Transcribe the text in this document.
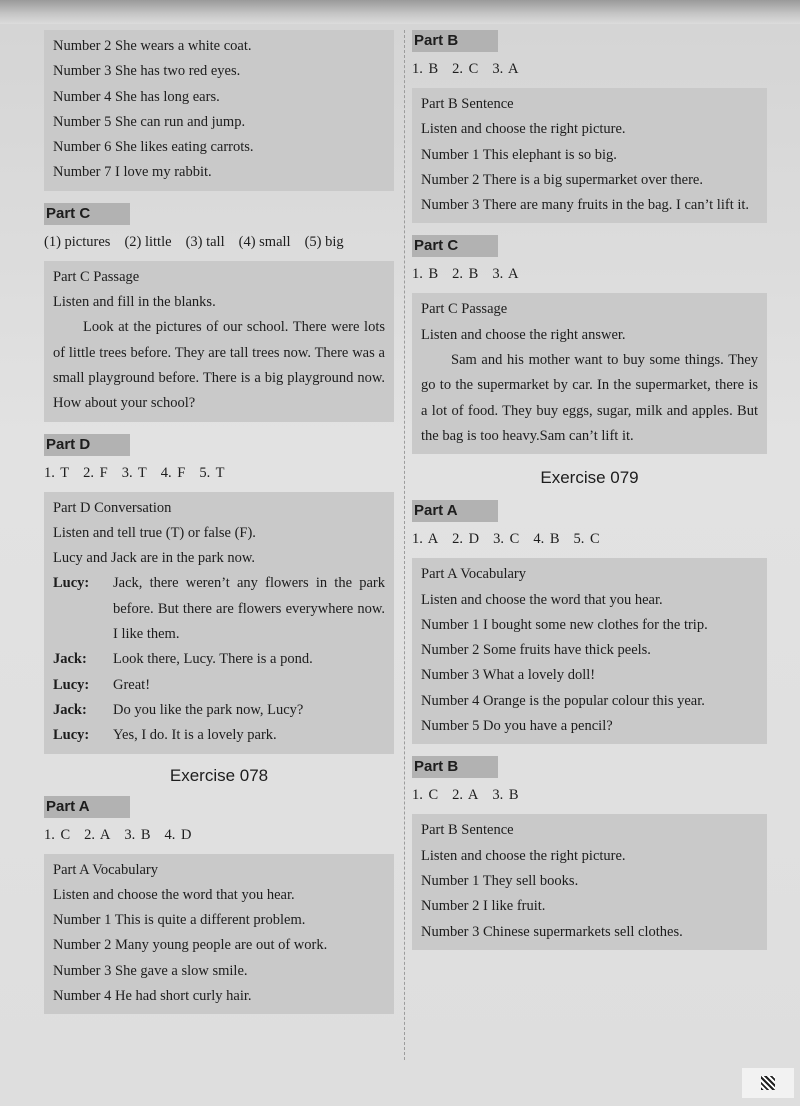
Number 2 She wears a white coat.
Number 3 She has two red eyes.
Number 4 She has long ears.
Number 5 She can run and jump.
Number 6 She likes eating carrots.
Number 7 I love my rabbit.
Part C
(1) pictures (2) little (3) tall (4) small (5) big
Part C Passage
Listen and fill in the blanks.
Look at the pictures of our school. There were lots of little trees before. They are tall trees now. There was a small playground before. There is a big playground now. How about your school?
Part D
1. T 2. F 3. T 4. F 5. T
Part D Conversation
Listen and tell true (T) or false (F).
Lucy and Jack are in the park now.
Lucy:	Jack, there weren’t any flowers in the park before. But there are flowers everywhere now. I like them.
Jack:	Look there, Lucy. There is a pond.
Lucy:	Great!
Jack:	Do you like the park now, Lucy?
Lucy:	Yes, I do. It is a lovely park.
Exercise 078
Part A
1. C 2. A 3. B 4. D
Part A Vocabulary
Listen and choose the word that you hear.
Number 1 This is quite a different problem.
Number 2 Many young people are out of work.
Number 3 She gave a slow smile.
Number 4 He had short curly hair.
Part B
1. B 2. C 3. A
Part B Sentence
Listen and choose the right picture.
Number 1 This elephant is so big.
Number 2 There is a big supermarket over there.
Number 3 There are many fruits in the bag. I can’t lift it.
Part C
1. B 2. B 3. A
Part C Passage
Listen and choose the right answer.
Sam and his mother want to buy some things. They go to the supermarket by car. In the supermarket, there is a lot of food. They buy eggs, sugar, milk and apples. But the bag is too heavy.Sam can’t lift it.
Exercise 079
Part A
1. A 2. D 3. C 4. B 5. C
Part A Vocabulary
Listen and choose the word that you hear.
Number 1 I bought some new clothes for the trip.
Number 2 Some fruits have thick peels.
Number 3 What a lovely doll!
Number 4 Orange is the popular colour this year.
Number 5 Do you have a pencil?
Part B
1. C 2. A 3. B
Part B Sentence
Listen and choose the right picture.
Number 1 They sell books.
Number 2 I like fruit.
Number 3 Chinese supermarkets sell clothes.
